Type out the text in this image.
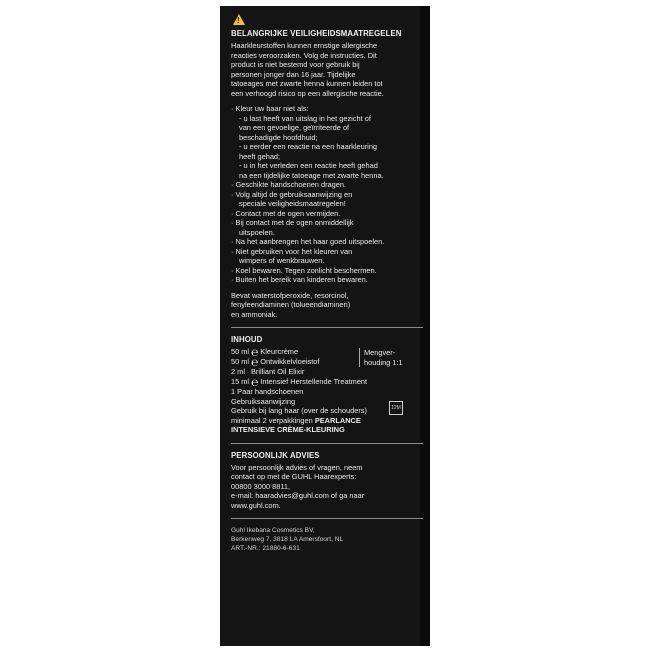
!
BELANGRIJKE VEILIGHEIDSMAATREGELEN

Haarkleurstoffen kunnen ernstige allergische

reacties veroorzaken. Volg de instructies. Dit

product is niet bestemd voor gebruik bij

personen jonger dan 16 jaar. Tijdelijke

tatoeages met zwarte henna kunnen leiden tot

een verhoogd risico op een allergische reactie.

· Kleur uw haar niet als:
- u last heeft van uitslag in het gezicht of
van een gevoelige, geïrriteerde of
beschadigde hoofdhuid;
- u eerder een reactie na een haarkleuring
heeft gehad;
- u in het verleden een reactie heeft gehad
na een tijdelijke tatoeage met zwarte henna.
· Geschikte handschoenen dragen.
· Volg altijd de gebruiksaanwijzing en
speciale veiligheidsmaatregelen!
· Contact met de ogen vermijden.
· Bij contact met de ogen onmiddellijk
uitspoelen.
· Na het aanbrengen het haar goed uitspoelen.
· Niet gebruiken voor het kleuren van
wimpers of wenkbrauwen.
· Koel bewaren. Tegen zonlicht beschermen.
· Buiten het bereik van kinderen bewaren.

Bevat waterstofperoxide, resorcinol,

fenyleendiaminen (tolueendiaminen)

en ammoniak.

INHOUD
50 ml ℮ Kleurcrème
50 ml ℮ Ontwikkelvloeistof
2 ml Brilliant Oil Elixir
15 ml ℮ Intensief Herstellende Treatment
Mengver-
houding 1:1

1 Paar handschoenen

Gebruiksaanwijzing

12M

Gebruik bij lang haar (over de schouders)

minimaal 2 verpakkingen PEARLANCE

INTENSIEVE CRÈME-KLEURING

PERSOONLIJK ADVIES

Voor persoonlijk advies of vragen, neem

contact op met de GUHL Haarexperts:

00800 3000 8811,

e-mail: haaradvies@guhl.com of ga naar

www.guhl.com.

Guhl Ikebana Cosmetics BV,

Berkenweg 7, 3818 LA Amersfoort, NL

ART.-NR.: 21880-6-631
